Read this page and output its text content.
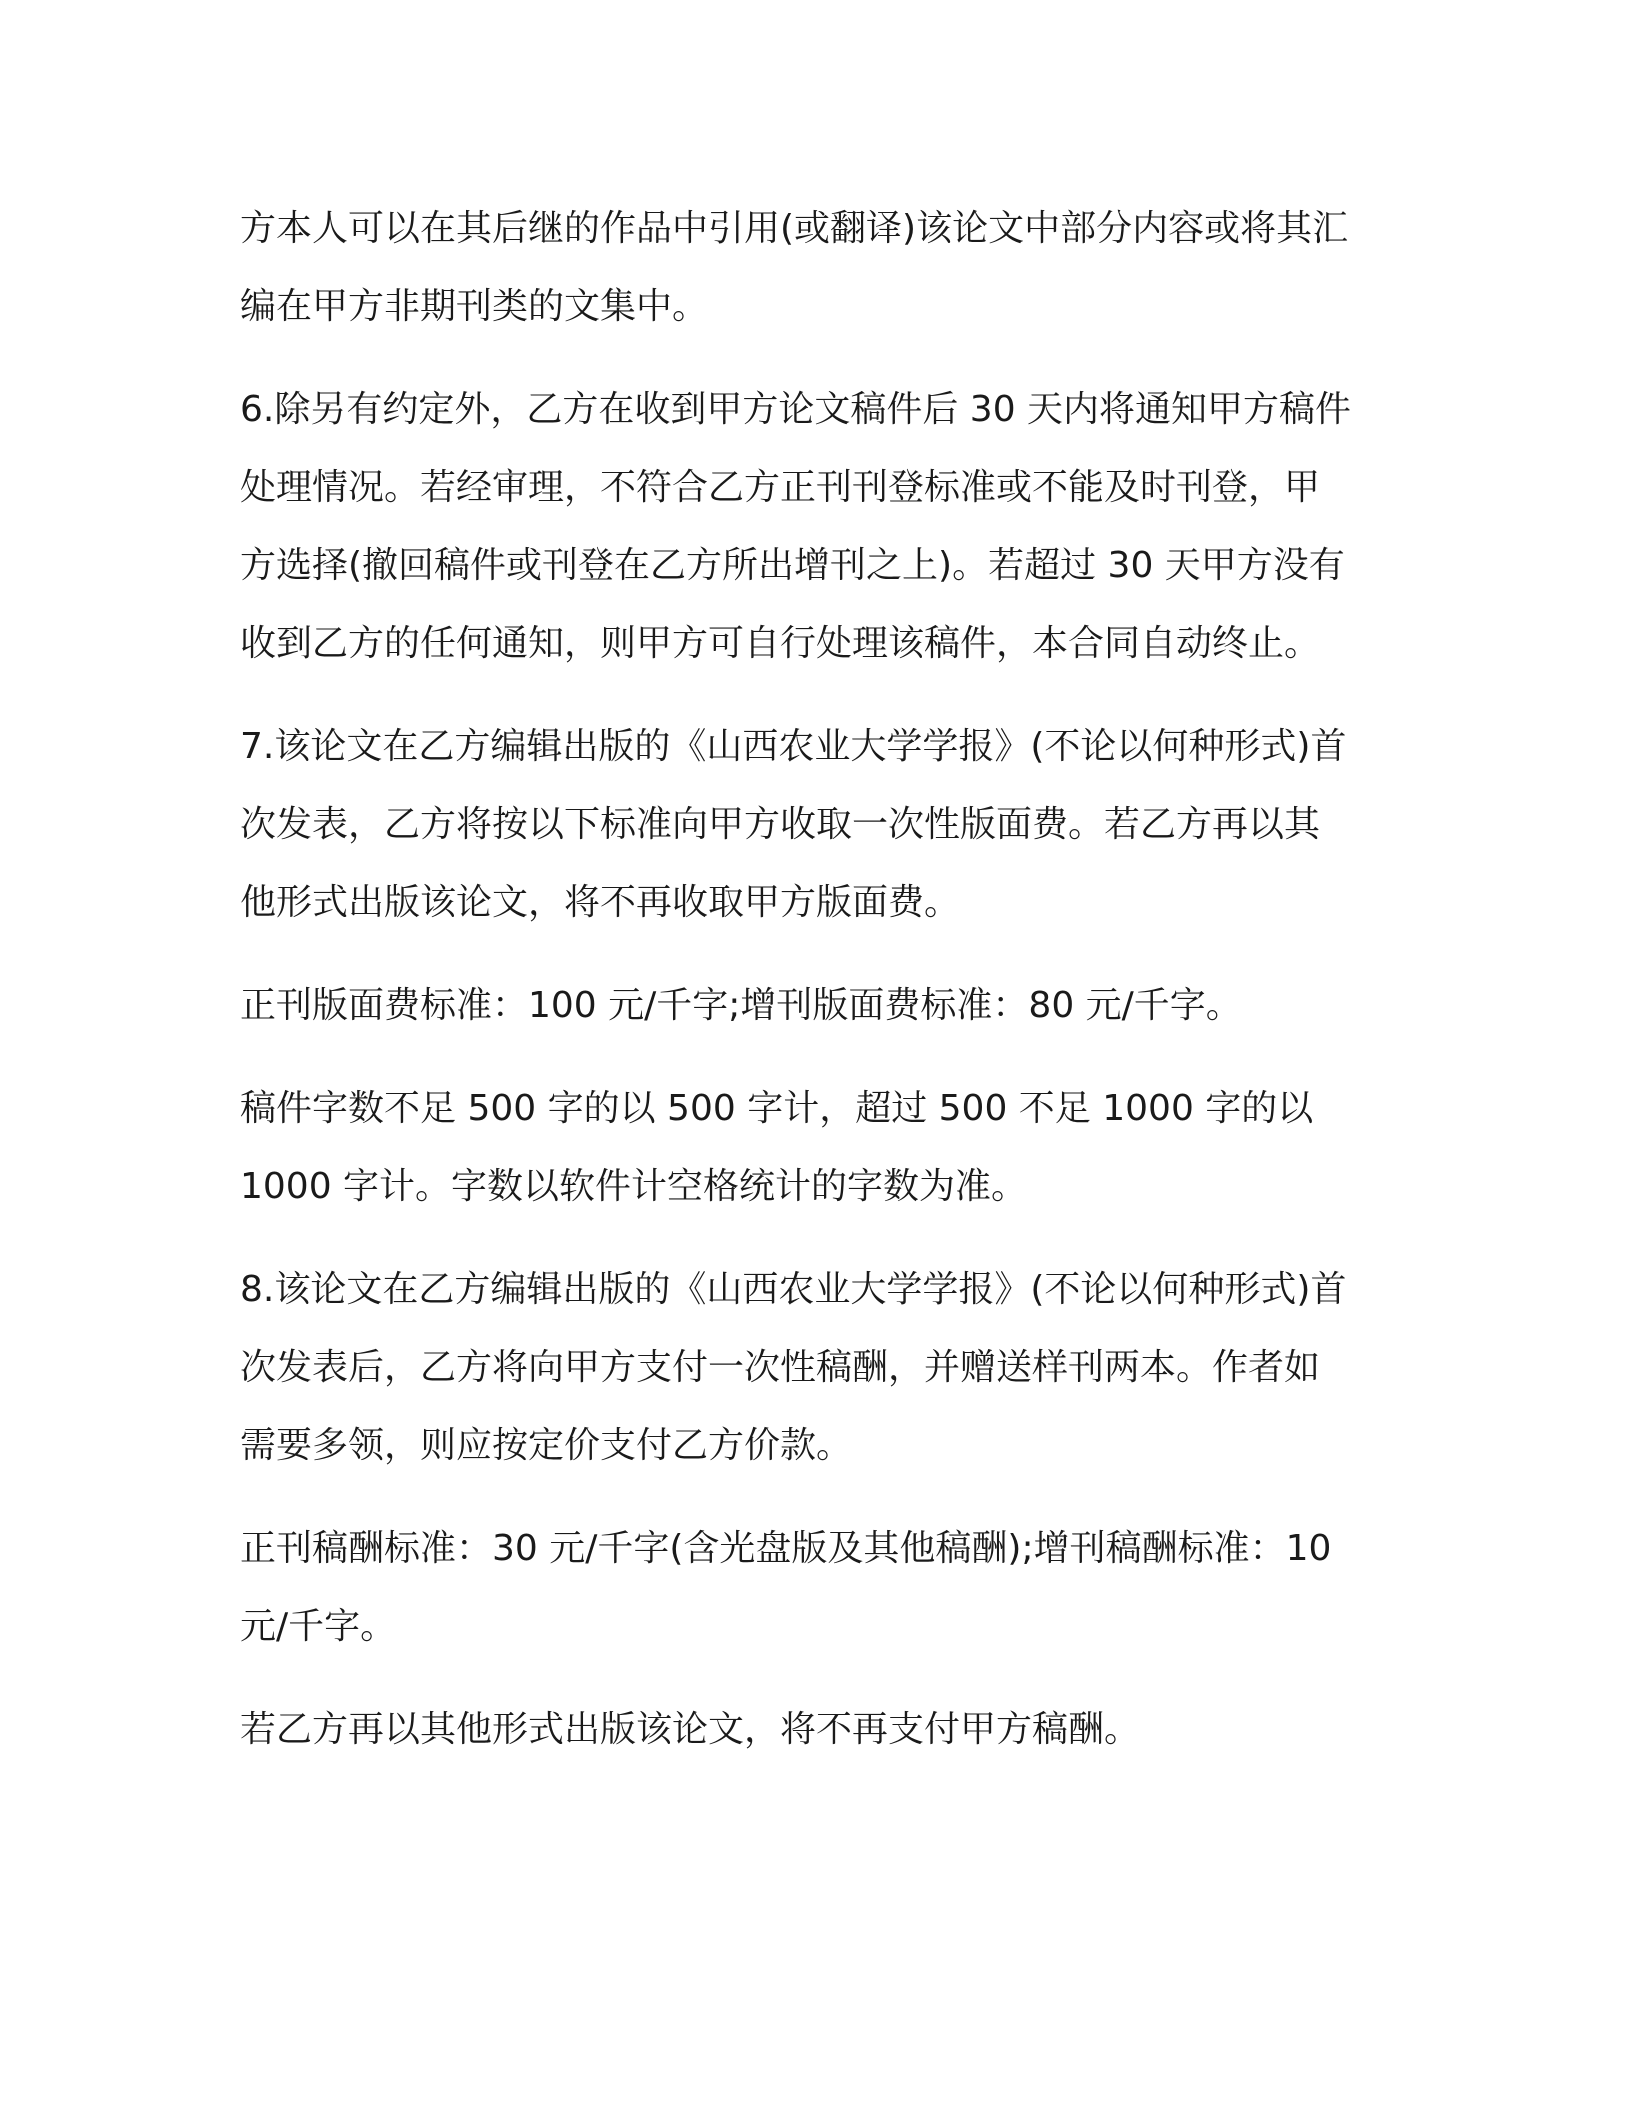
方本人可以在其后继的作品中引用(或翻译)该论文中部分内容或将其汇
编在甲方非期刊类的文集中。

6.除另有约定外，乙方在收到甲方论文稿件后 30 天内将通知甲方稿件
处理情况。若经审理，不符合乙方正刊刊登标准或不能及时刊登，甲
方选择(撤回稿件或刊登在乙方所出增刊之上)。若超过 30 天甲方没有
收到乙方的任何通知，则甲方可自行处理该稿件，本合同自动终止。

7.该论文在乙方编辑出版的《山西农业大学学报》(不论以何种形式)首
次发表，乙方将按以下标准向甲方收取一次性版面费。若乙方再以其
他形式出版该论文，将不再收取甲方版面费。

正刊版面费标准：100 元/千字;增刊版面费标准：80 元/千字。

稿件字数不足 500 字的以 500 字计，超过 500 不足 1000 字的以
1000 字计。字数以软件计空格统计的字数为准。

8.该论文在乙方编辑出版的《山西农业大学学报》(不论以何种形式)首
次发表后，乙方将向甲方支付一次性稿酬，并赠送样刊两本。作者如
需要多领，则应按定价支付乙方价款。

正刊稿酬标准：30 元/千字(含光盘版及其他稿酬);增刊稿酬标准：10
元/千字。

若乙方再以其他形式出版该论文，将不再支付甲方稿酬。
